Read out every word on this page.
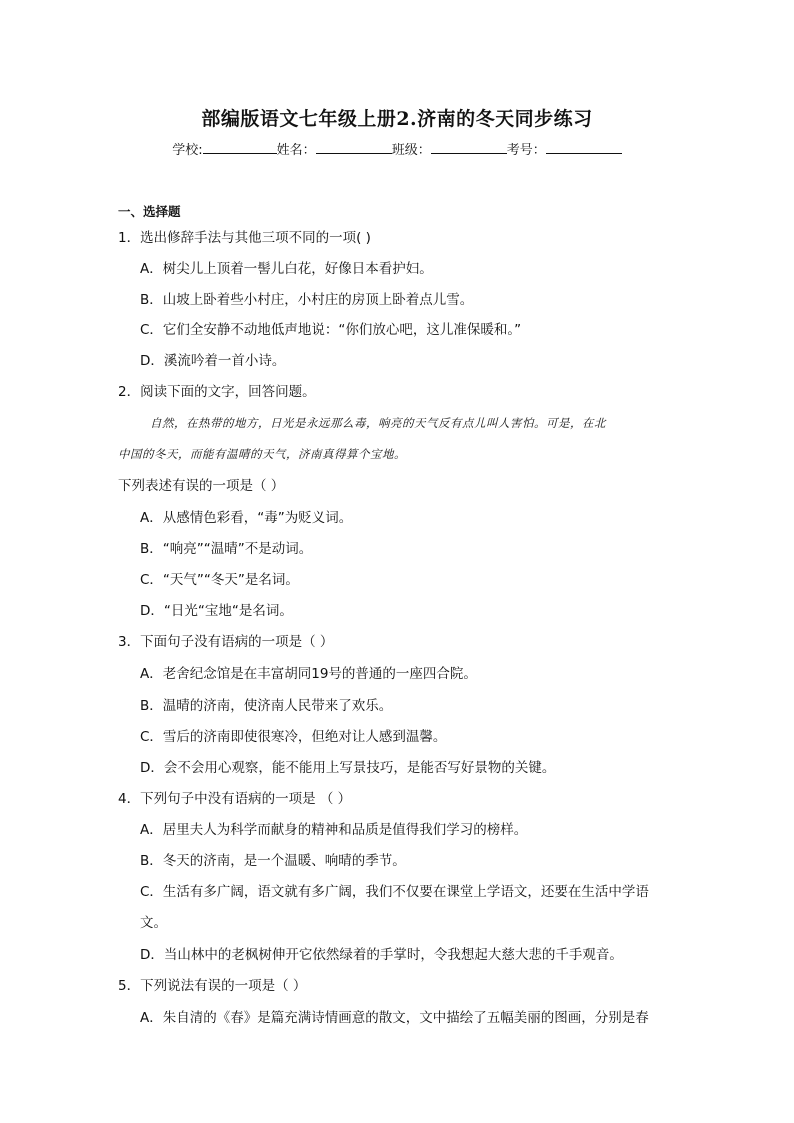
部编版语文七年级上册2.济南的冬天同步练习
学校:	姓名：	班级：	考号：
一、选择题
1．选出修辞手法与其他三项不同的一项( )
A．树尖儿上顶着一髻儿白花，好像日本看护妇。
B．山坡上卧着些小村庄，小村庄的房顶上卧着点儿雪。
C．它们全安静不动地低声地说：“你们放心吧，这儿准保暖和。”
D．溪流吟着一首小诗。
2．阅读下面的文字，回答问题。
自然，在热带的地方，日光是永远那么毒，响亮的天气反有点儿叫人害怕。可是，在北
中国的冬天，而能有温晴的天气，济南真得算个宝地。
下列表述有误的一项是（ ）
A．从感情色彩看，“毒”为贬义词。
B．“响亮”“温晴”不是动词。
C．“天气”“冬天”是名词。
D．“日光“宝地“是名词。
3．下面句子没有语病的一项是（ ）
A．老舍纪念馆是在丰富胡同19号的普通的一座四合院。
B．温晴的济南，使济南人民带来了欢乐。
C．雪后的济南即使很寒冷，但绝对让人感到温馨。
D．会不会用心观察，能不能用上写景技巧，是能否写好景物的关键。
4．下列句子中没有语病的一项是 （ ）
A．居里夫人为科学而献身的精神和品质是值得我们学习的榜样。
B．冬天的济南，是一个温暖、响晴的季节。
C．生活有多广阔，语文就有多广阔，我们不仅要在课堂上学语文，还要在生活中学语
文。
D．当山林中的老枫树伸开它依然绿着的手掌时，令我想起大慈大悲的千手观音。
5．下列说法有误的一项是（ ）
A．朱自清的《春》是篇充满诗情画意的散文，文中描绘了五幅美丽的图画，分别是春
